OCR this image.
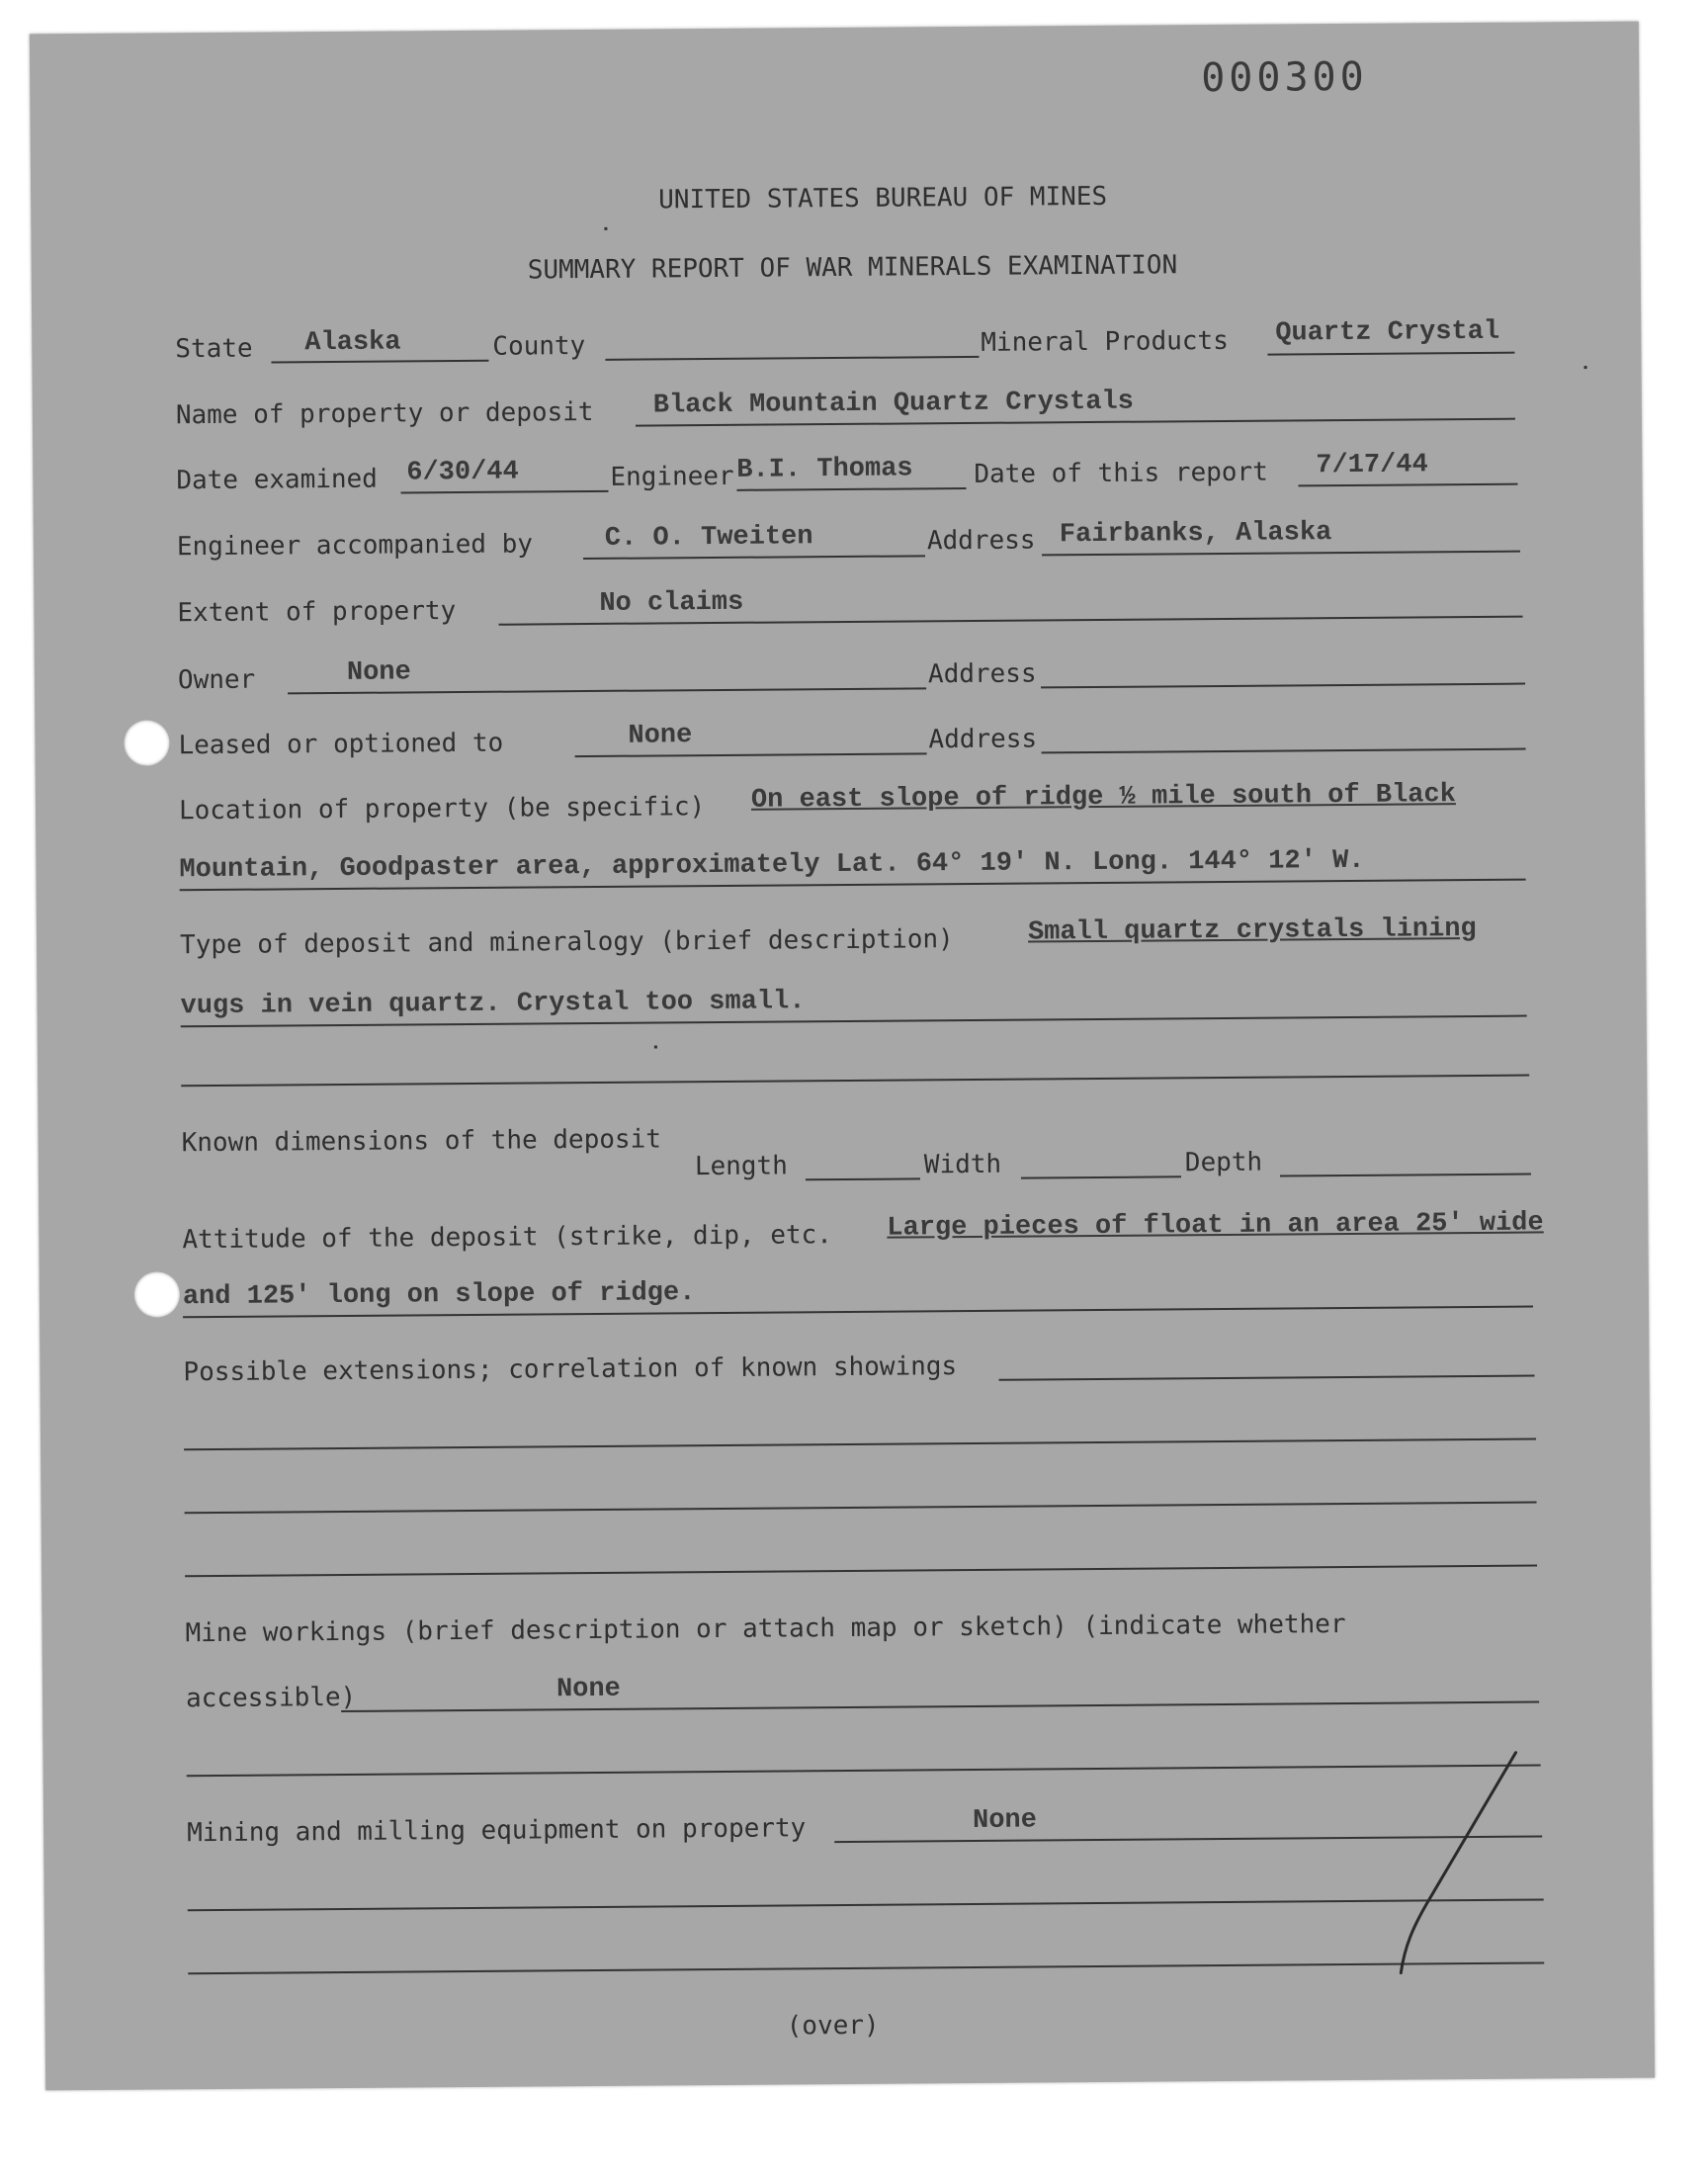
000300
UNITED STATES BUREAU OF MINES
SUMMARY REPORT OF WAR MINERALS EXAMINATION
State Alaska	County	Mineral Products Quartz Crystal
Name of property or deposit Black Mountain Quartz Crystals
Date examined 6/30/44	Engineer B.I. Thomas Date of this report 7/17/44
Engineer accompanied by	C. O. Tweiten	Address Fairbanks, Alaska
Extent of property	No claims
Owner	None	Address
Leased or optioned to	None	Address
Location of property (be specific) On east slope of ridge ½ mile south of Black
Mountain, Goodpaster area, approximately Lat. 64° 19' N. Long. 144° 12' W.
Type of deposit and mineralogy (brief description)	Small quartz crystals lining
vugs in vein quartz. Crystal too small.
Known dimensions of the deposit
Length	Width	Depth
Attitude of the deposit (strike, dip, etc. Large pieces of float in an area 25' wide
and 125' long on slope of ridge.
Possible extensions; correlation of known showings
Mine workings (brief description or attach map or sketch) (indicate whether
accessible)	None
Mining and milling equipment on property	None
(over)
